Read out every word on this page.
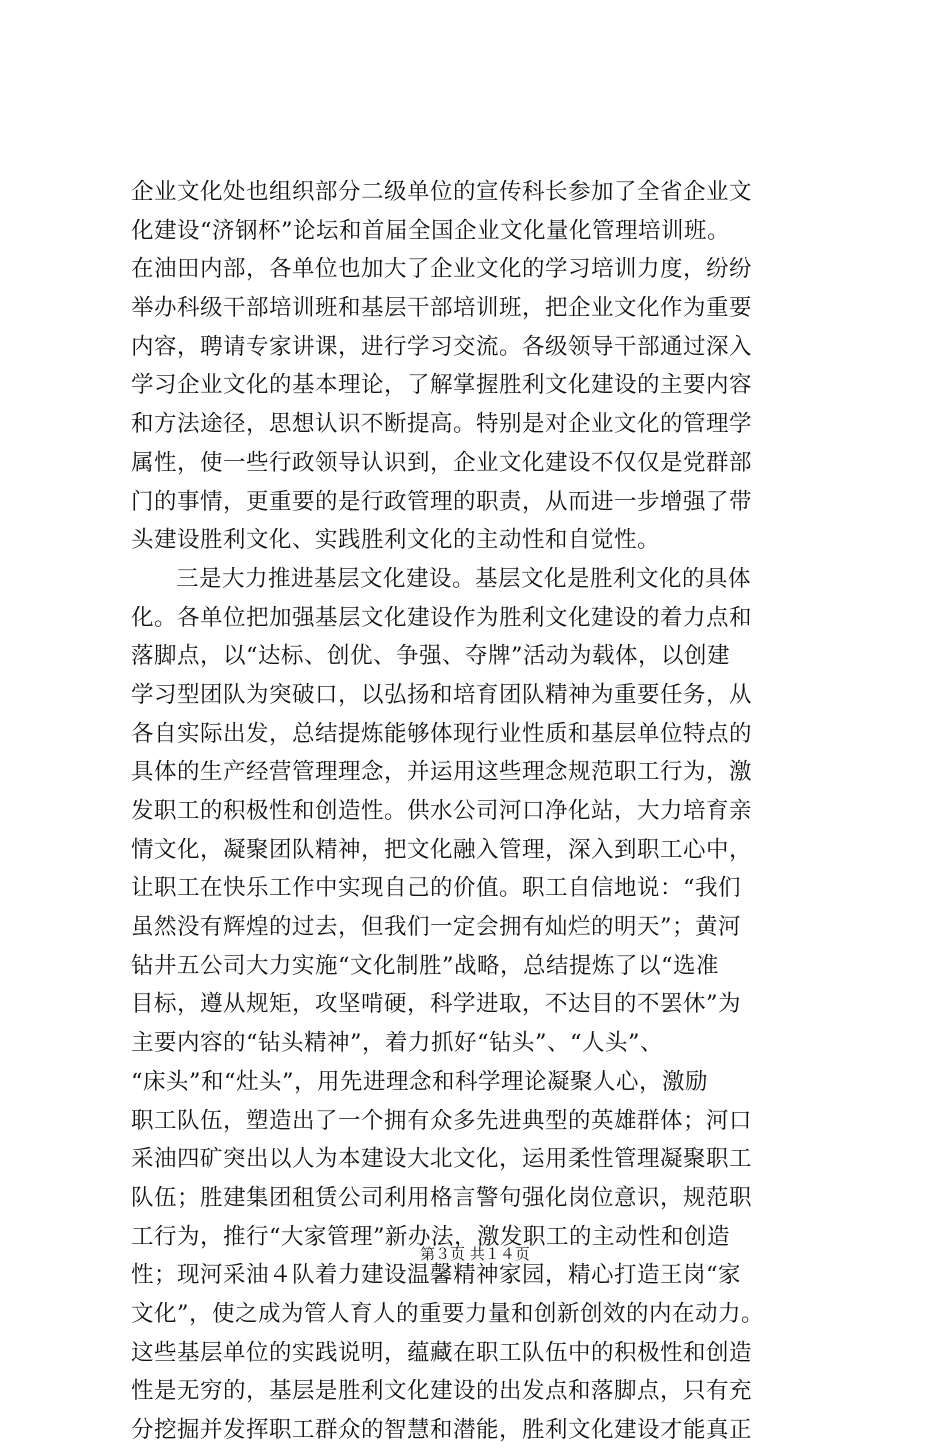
企业文化处也组织部分二级单位的宣传科长参加了全省企业文
化建设“济钢杯”论坛和首届全国企业文化量化管理培训班。
在油田内部，各单位也加大了企业文化的学习培训力度，纷纷
举办科级干部培训班和基层干部培训班，把企业文化作为重要
内容，聘请专家讲课，进行学习交流。各级领导干部通过深入
学习企业文化的基本理论，了解掌握胜利文化建设的主要内容
和方法途径，思想认识不断提高。特别是对企业文化的管理学
属性，使一些行政领导认识到，企业文化建设不仅仅是党群部
门的事情，更重要的是行政管理的职责，从而进一步增强了带
头建设胜利文化、实践胜利文化的主动性和自觉性。
三是大力推进基层文化建设。基层文化是胜利文化的具体
化。各单位把加强基层文化建设作为胜利文化建设的着力点和
落脚点，以“达标、创优、争强、夺牌”活动为载体，以创建
学习型团队为突破口，以弘扬和培育团队精神为重要任务，从
各自实际出发，总结提炼能够体现行业性质和基层单位特点的
具体的生产经营管理理念，并运用这些理念规范职工行为，激
发职工的积极性和创造性。供水公司河口净化站，大力培育亲
情文化，凝聚团队精神，把文化融入管理，深入到职工心中，
让职工在快乐工作中实现自己的价值。职工自信地说：“我们
虽然没有辉煌的过去，但我们一定会拥有灿烂的明天”；黄河
钻井五公司大力实施“文化制胜”战略，总结提炼了以“选准
目标，遵从规矩，攻坚啃硬，科学进取，不达目的不罢休”为
主要内容的“钻头精神”，着力抓好“钻头”、“人头”、
“床头”和“灶头”，用先进理念和科学理论凝聚人心，激励
职工队伍，塑造出了一个拥有众多先进典型的英雄群体；河口
采油四矿突出以人为本建设大北文化，运用柔性管理凝聚职工
队伍；胜建集团租赁公司利用格言警句强化岗位意识，规范职
工行为，推行“大家管理”新办法，激发职工的主动性和创造
性；现河采油４队着力建设温馨精神家园，精心打造王岗“家
文化”，使之成为管人育人的重要力量和创新创效的内在动力。
这些基层单位的实践说明，蕴藏在职工队伍中的积极性和创造
性是无穷的，基层是胜利文化建设的出发点和落脚点，只有充
分挖掘并发挥职工群众的智慧和潜能，胜利文化建设才能真正
第３页 共１４页
